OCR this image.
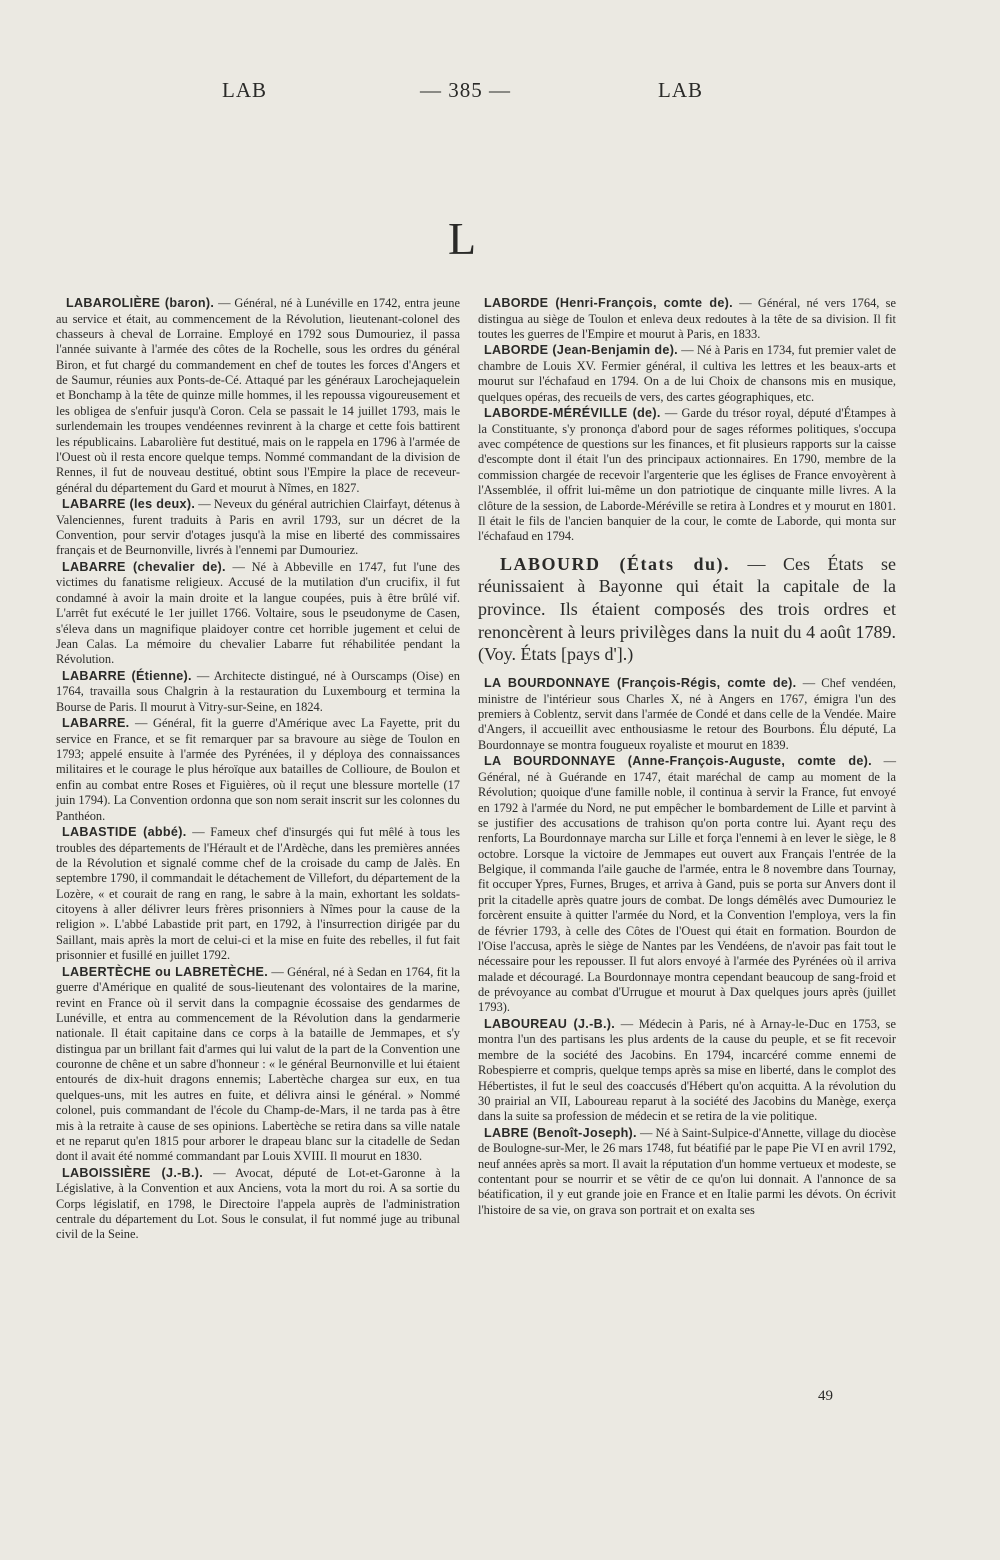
LAB	— 385 —	LAB
L

LABAROLIÈRE (baron). — Général, né à Lunéville en 1742, entra jeune au service et était, au commencement de la Révolution, lieutenant-colonel des chasseurs à cheval de Lorraine. Employé en 1792 sous Dumouriez, il passa l'année suivante à l'armée des côtes de la Rochelle, sous les ordres du général Biron, et fut chargé du commandement en chef de toutes les forces d'Angers et de Saumur, réunies aux Ponts-de-Cé. Attaqué par les généraux Larochejaquelein et Bonchamp à la tête de quinze mille hommes, il les repoussa vigoureusement et les obligea de s'enfuir jusqu'à Coron. Cela se passait le 14 juillet 1793, mais le surlendemain les troupes vendéennes revinrent à la charge et cette fois battirent les républicains. Labarolière fut destitué, mais on le rappela en 1796 à l'armée de l'Ouest où il resta encore quelque temps. Nommé commandant de la division de Rennes, il fut de nouveau destitué, obtint sous l'Empire la place de receveur-général du département du Gard et mourut à Nîmes, en 1827.

LABARRE (les deux). — Neveux du général autrichien Clairfayt, détenus à Valenciennes, furent traduits à Paris en avril 1793, sur un décret de la Convention, pour servir d'otages jusqu'à la mise en liberté des commissaires français et de Beurnonville, livrés à l'ennemi par Dumouriez.

LABARRE (chevalier de). — Né à Abbeville en 1747, fut l'une des victimes du fanatisme religieux. Accusé de la mutilation d'un crucifix, il fut condamné à avoir la main droite et la langue coupées, puis à être brûlé vif. L'arrêt fut exécuté le 1er juillet 1766. Voltaire, sous le pseudonyme de Casen, s'éleva dans un magnifique plaidoyer contre cet horrible jugement et celui de Jean Calas. La mémoire du chevalier Labarre fut réhabilitée pendant la Révolution.

LABARRE (Étienne). — Architecte distingué, né à Ourscamps (Oise) en 1764, travailla sous Chalgrin à la restauration du Luxembourg et termina la Bourse de Paris. Il mourut à Vitry-sur-Seine, en 1824.

LABARRE. — Général, fit la guerre d'Amérique avec La Fayette, prit du service en France, et se fit remarquer par sa bravoure au siège de Toulon en 1793; appelé ensuite à l'armée des Pyrénées, il y déploya des connaissances militaires et le courage le plus héroïque aux batailles de Collioure, de Boulon et enfin au combat entre Roses et Figuières, où il reçut une blessure mortelle (17 juin 1794). La Convention ordonna que son nom serait inscrit sur les colonnes du Panthéon.

LABASTIDE (abbé). — Fameux chef d'insurgés qui fut mêlé à tous les troubles des départements de l'Hérault et de l'Ardèche, dans les premières années de la Révolution et signalé comme chef de la croisade du camp de Jalès. En septembre 1790, il commandait le détachement de Villefort, du département de la Lozère, « et courait de rang en rang, le sabre à la main, exhortant les soldats-citoyens à aller délivrer leurs frères prisonniers à Nîmes pour la cause de la religion ». L'abbé Labastide prit part, en 1792, à l'insurrection dirigée par du Saillant, mais après la mort de celui-ci et la mise en fuite des rebelles, il fut fait prisonnier et fusillé en juillet 1792.

LABERTÈCHE ou LABRETÈCHE. — Général, né à Sedan en 1764, fit la guerre d'Amérique en qualité de sous-lieutenant des volontaires de la marine, revint en France où il servit dans la compagnie écossaise des gendarmes de Lunéville, et entra au commencement de la Révolution dans la gendarmerie nationale. Il était capitaine dans ce corps à la bataille de Jemmapes, et s'y distingua par un brillant fait d'armes qui lui valut de la part de la Convention une couronne de chêne et un sabre d'honneur : « le général Beurnonville et lui étaient entourés de dix-huit dragons ennemis; Labertèche chargea sur eux, en tua quelques-uns, mit les autres en fuite, et délivra ainsi le général. » Nommé colonel, puis commandant de l'école du Champ-de-Mars, il ne tarda pas à être mis à la retraite à cause de ses opinions. Labertèche se retira dans sa ville natale et ne reparut qu'en 1815 pour arborer le drapeau blanc sur la citadelle de Sedan dont il avait été nommé commandant par Louis XVIII. Il mourut en 1830.

LABOISSIÈRE (J.-B.). — Avocat, député de Lot-et-Garonne à la Législative, à la Convention et aux Anciens, vota la mort du roi. A sa sortie du Corps législatif, en 1798, le Directoire l'appela auprès de l'administration centrale du département du Lot. Sous le consulat, il fut nommé juge au tribunal civil de la Seine.

LABORDE (Henri-François, comte de). — Général, né vers 1764, se distingua au siège de Toulon et enleva deux redoutes à la tête de sa division. Il fit toutes les guerres de l'Empire et mourut à Paris, en 1833.

LABORDE (Jean-Benjamin de). — Né à Paris en 1734, fut premier valet de chambre de Louis XV. Fermier général, il cultiva les lettres et les beaux-arts et mourut sur l'échafaud en 1794. On a de lui Choix de chansons mis en musique, quelques opéras, des recueils de vers, des cartes géographiques, etc.

LABORDE-MÉRÉVILLE (de). — Garde du trésor royal, député d'Étampes à la Constituante, s'y prononça d'abord pour de sages réformes politiques, s'occupa avec compétence de questions sur les finances, et fit plusieurs rapports sur la caisse d'escompte dont il était l'un des principaux actionnaires. En 1790, membre de la commission chargée de recevoir l'argenterie que les églises de France envoyèrent à l'Assemblée, il offrit lui-même un don patriotique de cinquante mille livres. A la clôture de la session, de Laborde-Méréville se retira à Londres et y mourut en 1801. Il était le fils de l'ancien banquier de la cour, le comte de Laborde, qui monta sur l'échafaud en 1794.

LABOURD (États du). — Ces États se réunissaient à Bayonne qui était la capitale de la province. Ils étaient composés des trois ordres et renoncèrent à leurs privilèges dans la nuit du 4 août 1789. (Voy. États [pays d'].)

LA BOURDONNAYE (François-Régis, comte de). — Chef vendéen, ministre de l'intérieur sous Charles X, né à Angers en 1767, émigra l'un des premiers à Coblentz, servit dans l'armée de Condé et dans celle de la Vendée. Maire d'Angers, il accueillit avec enthousiasme le retour des Bourbons. Élu député, La Bourdonnaye se montra fougueux royaliste et mourut en 1839.

LA BOURDONNAYE (Anne-François-Auguste, comte de). — Général, né à Guérande en 1747, était maréchal de camp au moment de la Révolution; quoique d'une famille noble, il continua à servir la France, fut envoyé en 1792 à l'armée du Nord, ne put empêcher le bombardement de Lille et parvint à se justifier des accusations de trahison qu'on porta contre lui. Ayant reçu des renforts, La Bourdonnaye marcha sur Lille et força l'ennemi à en lever le siège, le 8 octobre. Lorsque la victoire de Jemmapes eut ouvert aux Français l'entrée de la Belgique, il commanda l'aile gauche de l'armée, entra le 8 novembre dans Tournay, fit occuper Ypres, Furnes, Bruges, et arriva à Gand, puis se porta sur Anvers dont il prit la citadelle après quatre jours de combat. De longs démêlés avec Dumouriez le forcèrent ensuite à quitter l'armée du Nord, et la Convention l'employa, vers la fin de février 1793, à celle des Côtes de l'Ouest qui était en formation. Bourdon de l'Oise l'accusa, après le siège de Nantes par les Vendéens, de n'avoir pas fait tout le nécessaire pour les repousser. Il fut alors envoyé à l'armée des Pyrénées où il arriva malade et découragé. La Bourdonnaye montra cependant beaucoup de sang-froid et de prévoyance au combat d'Urrugue et mourut à Dax quelques jours après (juillet 1793).

LABOUREAU (J.-B.). — Médecin à Paris, né à Arnay-le-Duc en 1753, se montra l'un des partisans les plus ardents de la cause du peuple, et se fit recevoir membre de la société des Jacobins. En 1794, incarcéré comme ennemi de Robespierre et compris, quelque temps après sa mise en liberté, dans le complot des Hébertistes, il fut le seul des coaccusés d'Hébert qu'on acquitta. A la révolution du 30 prairial an VII, Laboureau reparut à la société des Jacobins du Manège, exerça dans la suite sa profession de médecin et se retira de la vie politique.

LABRE (Benoît-Joseph). — Né à Saint-Sulpice-d'Annette, village du diocèse de Boulogne-sur-Mer, le 26 mars 1748, fut béatifié par le pape Pie VI en avril 1792, neuf années après sa mort. Il avait la réputation d'un homme vertueux et modeste, se contentant pour se nourrir et se vêtir de ce qu'on lui donnait. A l'annonce de sa béatification, il y eut grande joie en France et en Italie parmi les dévots. On écrivit l'histoire de sa vie, on grava son portrait et on exalta ses

49
